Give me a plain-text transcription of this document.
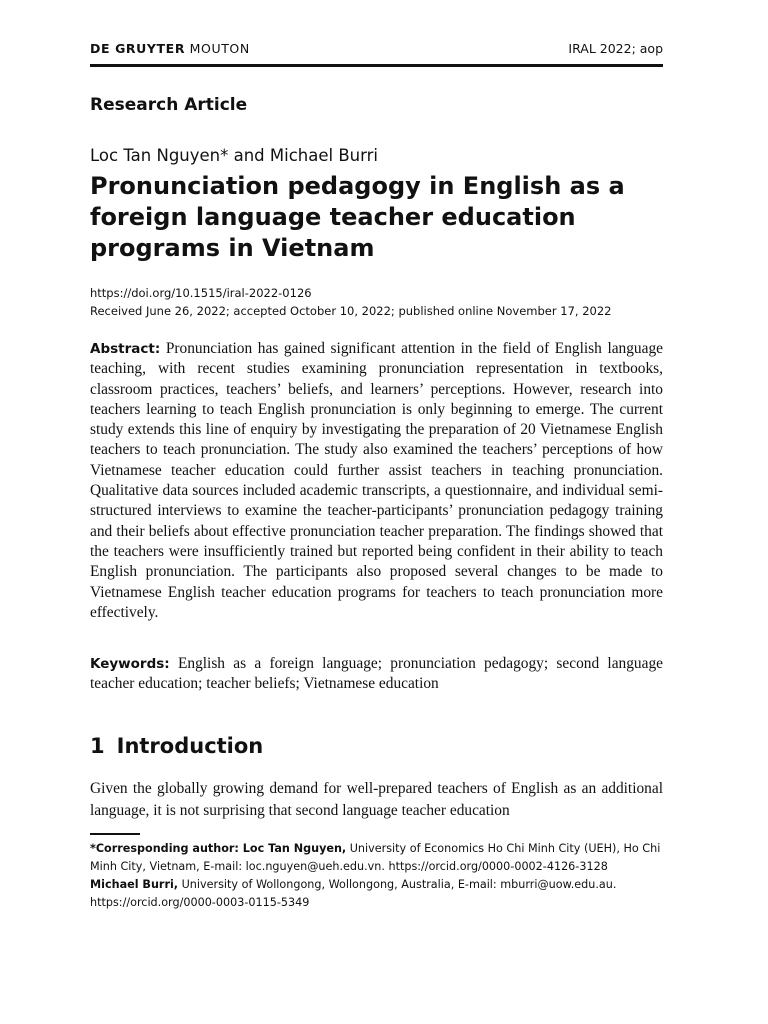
DE GRUYTER MOUTON	IRAL 2022; aop
Research Article
Loc Tan Nguyen* and Michael Burri
Pronunciation pedagogy in English as a foreign language teacher education programs in Vietnam
https://doi.org/10.1515/iral-2022-0126
Received June 26, 2022; accepted October 10, 2022; published online November 17, 2022

Abstract: Pronunciation has gained significant attention in the field of English language teaching, with recent studies examining pronunciation representation in textbooks, classroom practices, teachers’ beliefs, and learners’ perceptions. However, research into teachers learning to teach English pronunciation is only beginning to emerge. The current study extends this line of enquiry by investigating the preparation of 20 Vietnamese English teachers to teach pronunciation. The study also examined the teachers’ perceptions of how Vietnamese teacher education could further assist teachers in teaching pronunciation. Qualitative data sources included academic transcripts, a questionnaire, and individual semi-structured interviews to examine the teacher-participants’ pronunciation pedagogy training and their beliefs about effective pronunciation teacher preparation. The findings showed that the teachers were insufficiently trained but reported being confident in their ability to teach English pronunciation. The participants also proposed several changes to be made to Vietnamese English teacher education programs for teachers to teach pronunciation more effectively.

Keywords: English as a foreign language; pronunciation pedagogy; second language teacher education; teacher beliefs; Vietnamese education

1 Introduction

Given the globally growing demand for well-prepared teachers of English as an additional language, it is not surprising that second language teacher education

*Corresponding author: Loc Tan Nguyen, University of Economics Ho Chi Minh City (UEH), Ho Chi Minh City, Vietnam, E-mail: loc.nguyen@ueh.edu.vn. https://orcid.org/0000-0002-4126-3128
Michael Burri, University of Wollongong, Wollongong, Australia, E-mail: mburri@uow.edu.au. https://orcid.org/0000-0003-0115-5349
